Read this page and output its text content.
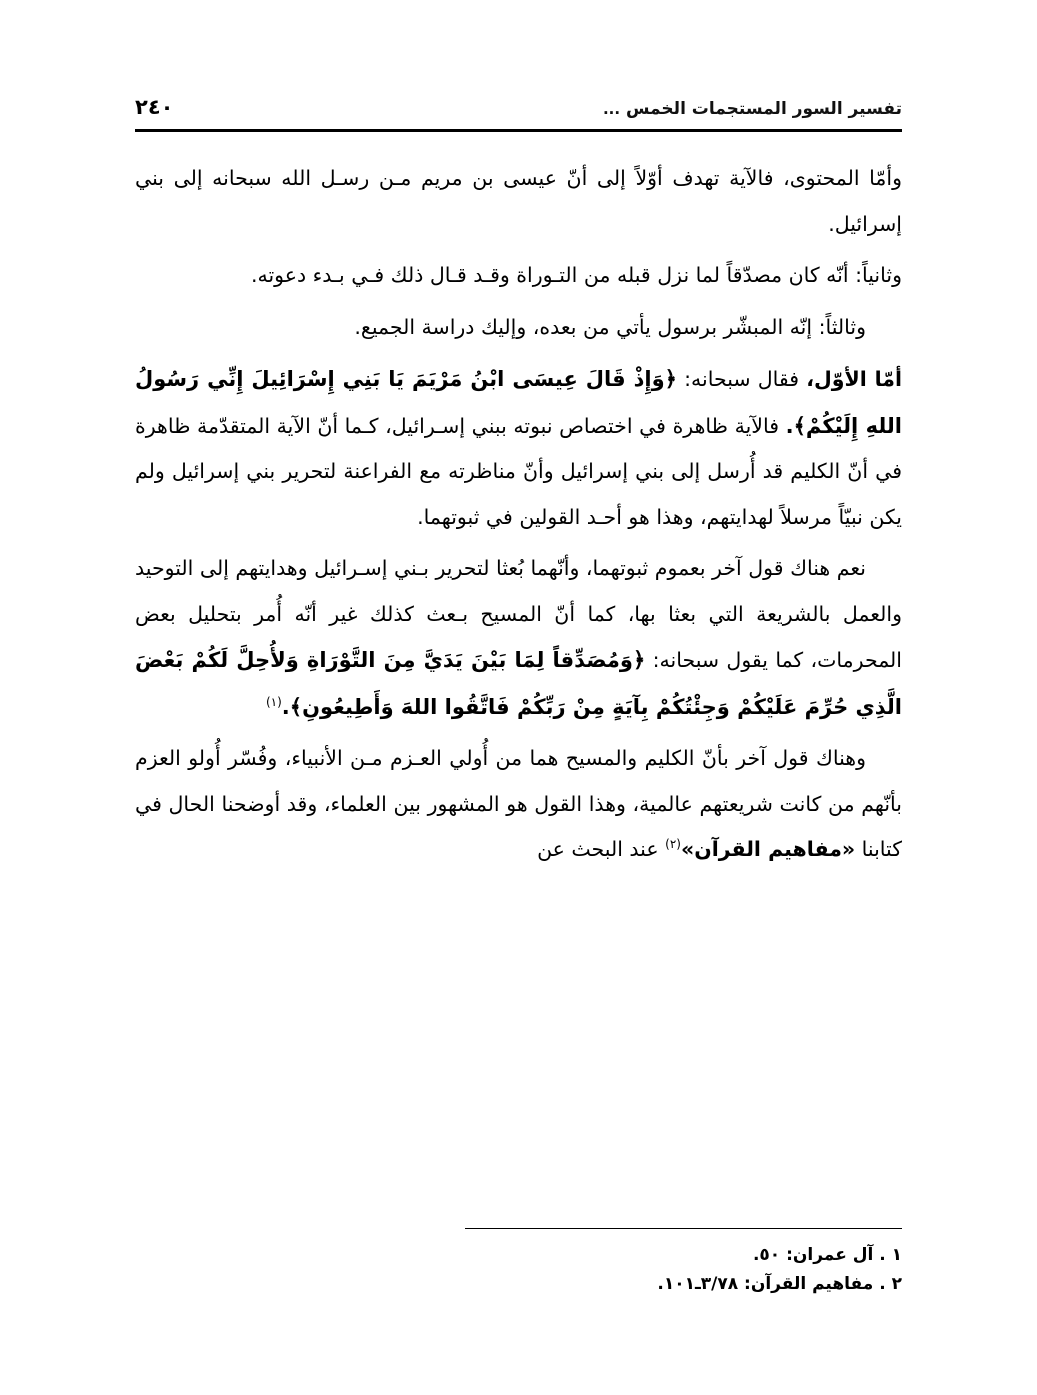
٢٤٠	تفسير السور المستجمات الخمس ...

وأمّا المحتوى، فالآية تهدف أوّلاً إلى أنّ عيسى بن مريم مـن رسـل الله سبحانه إلى بني إسرائيل.

وثانياً: أنّه كان مصدّقاً لما نزل قبله من التـوراة وقـد قـال ذلك فـي بـدء دعوته.

وثالثاً: إنّه المبشّر برسول يأتي من بعده، وإليك دراسة الجميع.

أمّا الأوّل، فقال سبحانه: ﴿وَإِذْ قَالَ عِيسَى ابْنُ مَرْيَمَ يَا بَنِي إِسْرَائِيلَ إِنِّي رَسُولُ اللهِ إِلَيْكُمْ﴾. فالآية ظاهرة في اختصاص نبوته ببني إسـرائيل، كـما أنّ الآية المتقدّمة ظاهرة في أنّ الكليم قد أُرسل إلى بني إسرائيل وأنّ مناظرته مع الفراعنة لتحرير بني إسرائيل ولم يكن نبيّاً مرسلاً لهدايتهم، وهذا هو أحـد القولين في ثبوتهما.

نعم هناك قول آخر بعموم ثبوتهما، وأنّهما بُعثا لتحرير بـني إسـرائيل وهدايتهم إلى التوحيد والعمل بالشريعة التي بعثا بها، كما أنّ المسيح بـعث كذلك غير أنّه أُمر بتحليل بعض المحرمات، كما يقول سبحانه: ﴿وَمُصَدِّقاً لِمَا بَيْنَ يَدَيَّ مِنَ التَّوْرَاةِ وَلأُحِلَّ لَكُمْ بَعْضَ الَّذِي حُرِّمَ عَلَيْكُمْ وَجِئْتُكُمْ بِآيَةٍ مِنْ رَبِّكُمْ فَاتَّقُوا اللهَ وَأَطِيعُونِ﴾.$^{(١)}$

وهناك قول آخر بأنّ الكليم والمسيح هما من أُولي العـزم مـن الأنبياء، وفُسّر أُولو العزم بأنّهم من كانت شريعتهم عالمية، وهذا القول هو المشهور بين العلماء، وقد أوضحنا الحال في كتابنا «مفاهيم القرآن»$^{(٢)}$ عند البحث عن

١ . آل عمران: ٥٠.

٢ . مفاهيم القرآن: ٣/٧٨ـ١٠١.
